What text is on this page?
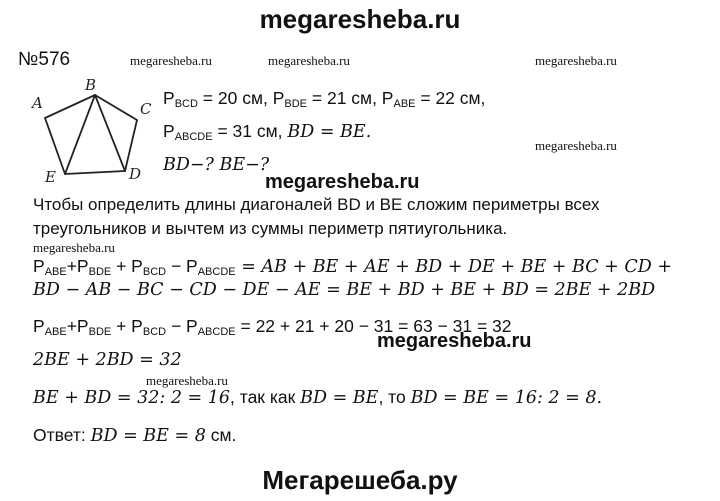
megaresheba.ru
№576	megaresheba.ru	megaresheba.ru	megaresheba.ru
megaresheba.ru
megaresheba.ru
megaresheba.ru
megaresheba.ru
megaresheba.ru
A
B
C
D
E
$P_{BCD} = 20$ см, $P_{BDE} = 21$ см, $P_{ABE} = 22$ см,
$P_{ABCDE} = 31$ см, BD = BE.
BD−? BE−?
Чтобы определить длины диагоналей BD и BE сложим периметры всех
треугольников и вычтем из суммы периметр пятиугольника.
$P_{ABE}+P_{BDE} + P_{BCD} - P_{ABCDE}$ = AB + BE + AE + BD + DE + BE + BC + CD +
BD − AB − BC − CD − DE − AE = BE + BD + BE + BD = 2BE + 2BD
$P_{ABE}+P_{BDE} + P_{BCD} - P_{ABCDE} = 22 + 21 + 20 - 31 = 63 - 31 = 32$
2BE + 2BD = 32
BE + BD = 32: 2 = 16, так как BD = BE, то BD = BE = 16: 2 = 8.
Ответ: BD = BE = 8 см.
Мегарешеба.ру
